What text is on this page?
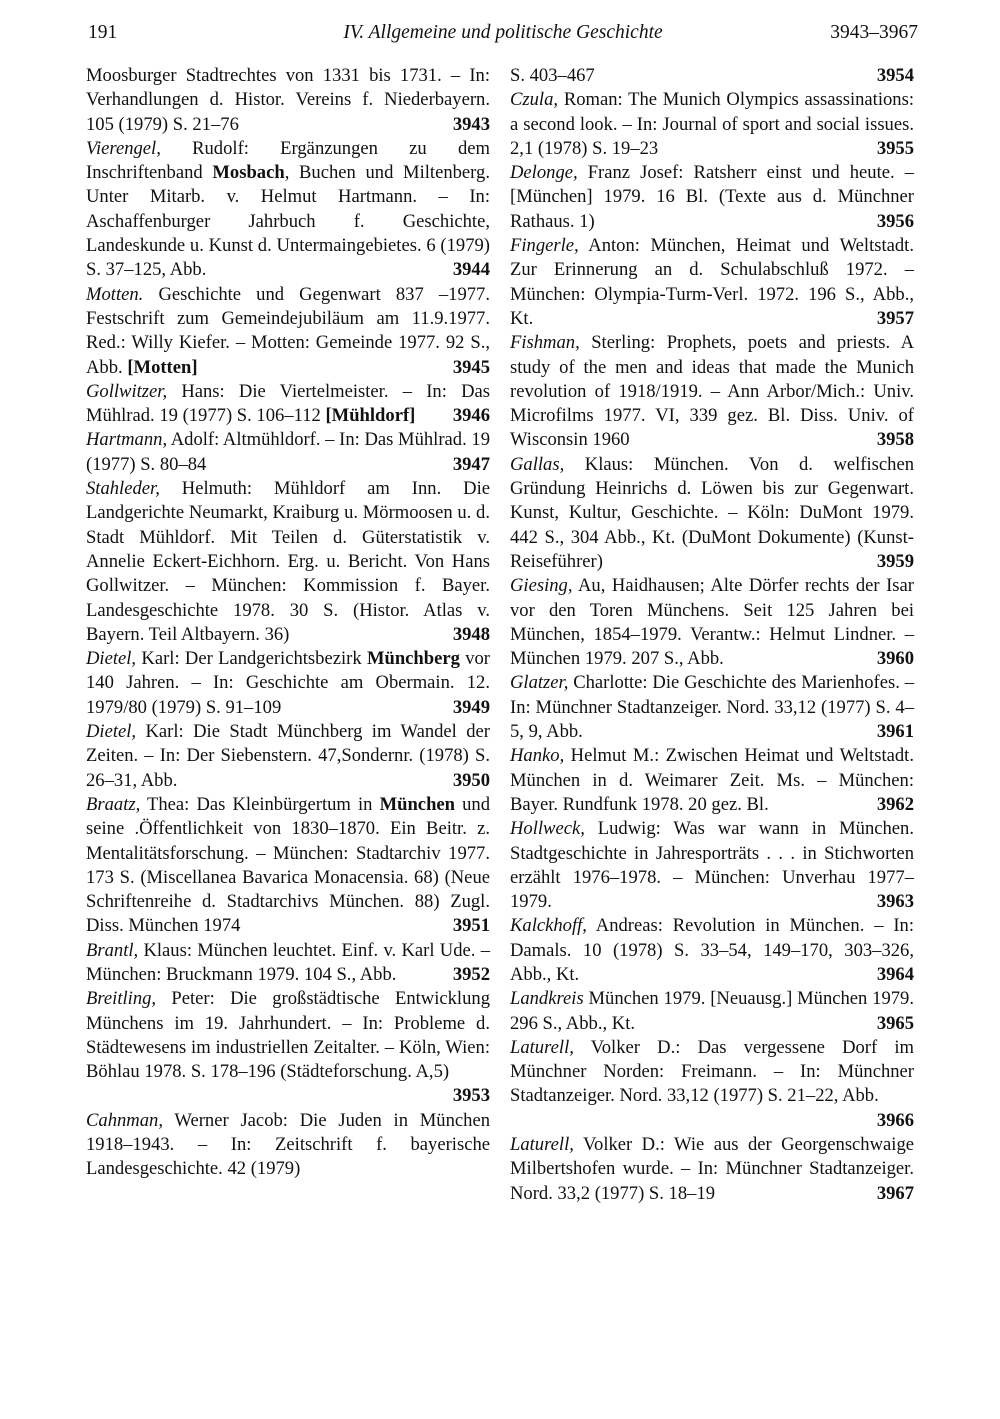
191	IV. Allgemeine und politische Geschichte	3943–3967

Moosburger Stadtrechtes von 1331 bis 1731. – In: Verhandlungen d. Histor. Vereins f. Niederbayern. 105 (1979) S. 21–76	3943

Vierengel, Rudolf: Ergänzungen zu dem Inschriftenband Mosbach, Buchen und Miltenberg. Unter Mitarb. v. Helmut Hartmann. – In: Aschaffenburger Jahrbuch f. Geschichte, Landeskunde u. Kunst d. Untermaingebietes. 6 (1979) S. 37–125, Abb.	3944

Motten. Geschichte und Gegenwart 837 –1977. Festschrift zum Gemeindejubiläum am 11.9.1977. Red.: Willy Kiefer. – Motten: Gemeinde 1977. 92 S., Abb. [Motten]	3945

Gollwitzer, Hans: Die Viertelmeister. – In: Das Mühlrad. 19 (1977) S. 106–112 [Mühldorf]	3946

Hartmann, Adolf: Altmühldorf. – In: Das Mühlrad. 19 (1977) S. 80–84	3947

Stahleder, Helmuth: Mühldorf am Inn. Die Landgerichte Neumarkt, Kraiburg u. Mörmoosen u. d. Stadt Mühldorf. Mit Teilen d. Güterstatistik v. Annelie Eckert-Eichhorn. Erg. u. Bericht. Von Hans Gollwitzer. – München: Kommission f. Bayer. Landesgeschichte 1978. 30 S. (Histor. Atlas v. Bayern. Teil Altbayern. 36)	3948

Dietel, Karl: Der Landgerichtsbezirk Münchberg vor 140 Jahren. – In: Geschichte am Obermain. 12. 1979/80 (1979) S. 91–109	3949

Dietel, Karl: Die Stadt Münchberg im Wandel der Zeiten. – In: Der Siebenstern. 47,Sondernr. (1978) S. 26–31, Abb.	3950

Braatz, Thea: Das Kleinbürgertum in München und seine .Öffentlichkeit von 1830–1870. Ein Beitr. z. Mentalitätsforschung. – München: Stadtarchiv 1977. 173 S. (Miscellanea Bavarica Monacensia. 68) (Neue Schriftenreihe d. Stadtarchivs München. 88) Zugl. Diss. München 1974	3951

Brantl, Klaus: München leuchtet. Einf. v. Karl Ude. – München: Bruckmann 1979. 104 S., Abb.	3952

Breitling, Peter: Die großstädtische Entwicklung Münchens im 19. Jahrhundert. – In: Probleme d. Städtewesens im industriellen Zeitalter. – Köln, Wien: Böhlau 1978. S. 178–196 (Städteforschung. A,5)
3953

Cahnman, Werner Jacob: Die Juden in München 1918–1943. – In: Zeitschrift f. bayerische Landesgeschichte. 42 (1979)

S. 403–467	3954

Czula, Roman: The Munich Olympics assassinations: a second look. – In: Journal of sport and social issues. 2,1 (1978) S. 19–23	3955

Delonge, Franz Josef: Ratsherr einst und heute. – [München] 1979. 16 Bl. (Texte aus d. Münchner Rathaus. 1)	3956

Fingerle, Anton: München, Heimat und Weltstadt. Zur Erinnerung an d. Schulabschluß 1972. – München: Olympia-Turm-Verl. 1972. 196 S., Abb., Kt.	3957

Fishman, Sterling: Prophets, poets and priests. A study of the men and ideas that made the Munich revolution of 1918/1919. – Ann Arbor/Mich.: Univ. Microfilms 1977. VI, 339 gez. Bl. Diss. Univ. of Wisconsin 1960	3958

Gallas, Klaus: München. Von d. welfischen Gründung Heinrichs d. Löwen bis zur Gegenwart. Kunst, Kultur, Geschichte. – Köln: DuMont 1979. 442 S., 304 Abb., Kt. (DuMont Dokumente) (Kunst-Reiseführer)	3959

Giesing, Au, Haidhausen; Alte Dörfer rechts der Isar vor den Toren Münchens. Seit 125 Jahren bei München, 1854–1979. Verantw.: Helmut Lindner. – München 1979. 207 S., Abb.	3960

Glatzer, Charlotte: Die Geschichte des Marienhofes. – In: Münchner Stadtanzeiger. Nord. 33,12 (1977) S. 4–5, 9, Abb.	3961

Hanko, Helmut M.: Zwischen Heimat und Weltstadt. München in d. Weimarer Zeit. Ms. – München: Bayer. Rundfunk 1978. 20 gez. Bl.	3962

Hollweck, Ludwig: Was war wann in München. Stadtgeschichte in Jahresporträts . . . in Stichworten erzählt 1976–1978. – München: Unverhau 1977–1979.	3963

Kalckhoff, Andreas: Revolution in München. – In: Damals. 10 (1978) S. 33–54, 149–170, 303–326, Abb., Kt.	3964

Landkreis München 1979. [Neuausg.] München 1979. 296 S., Abb., Kt.	3965

Laturell, Volker D.: Das vergessene Dorf im Münchner Norden: Freimann. – In: Münchner Stadtanzeiger. Nord. 33,12 (1977) S. 21–22, Abb.
3966

Laturell, Volker D.: Wie aus der Georgenschwaige Milbertshofen wurde. – In: Münchner Stadtanzeiger. Nord. 33,2 (1977) S. 18–19	3967
